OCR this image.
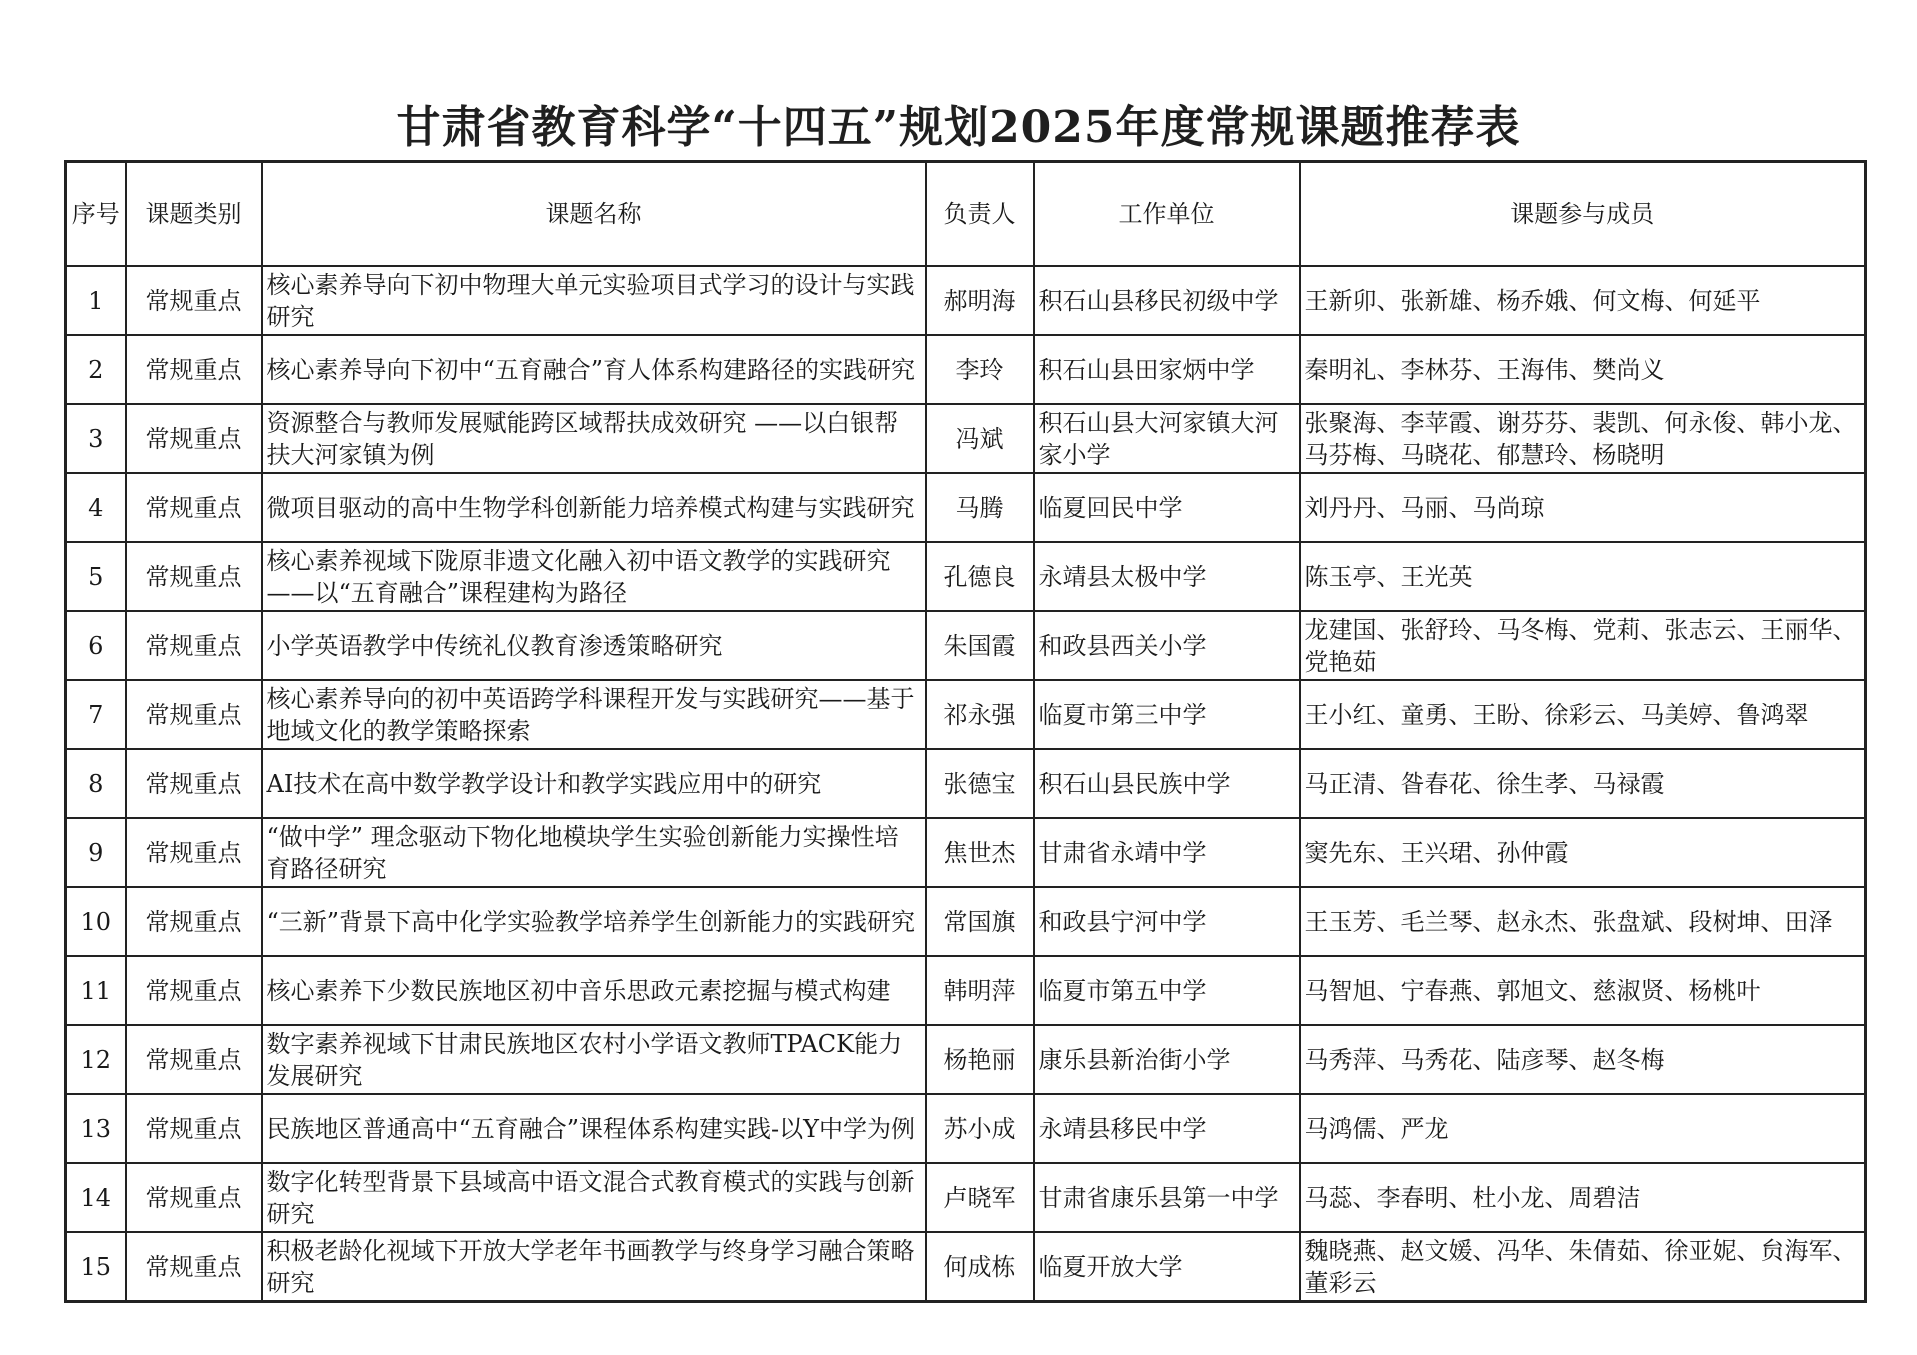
甘肃省教育科学“十四五”规划2025年度常规课题推荐表
序号	课题类别	课题名称	负责人	工作单位	课题参与成员
1	常规重点	核心素养导向下初中物理大单元实验项目式学习的设计与实践研究	郝明海	积石山县移民初级中学	王新卯、张新雄、杨乔娥、何文梅、何延平
2	常规重点	核心素养导向下初中“五育融合”育人体系构建路径的实践研究	李玲	积石山县田家炳中学	秦明礼、李林芬、王海伟、樊尚义
3	常规重点	资源整合与教师发展赋能跨区域帮扶成效研究 ——以白银帮扶大河家镇为例	冯斌	积石山县大河家镇大河家小学	张聚海、李苹霞、谢芬芬、裴凯、何永俊、韩小龙、马芬梅、马晓花、郁慧玲、杨晓明
4	常规重点	微项目驱动的高中生物学科创新能力培养模式构建与实践研究	马腾	临夏回民中学	刘丹丹、马丽、马尚琼
5	常规重点	核心素养视域下陇原非遗文化融入初中语文教学的实践研究——以“五育融合”课程建构为路径	孔德良	永靖县太极中学	陈玉亭、王光英
6	常规重点	小学英语教学中传统礼仪教育渗透策略研究	朱国霞	和政县西关小学	龙建国、张舒玲、马冬梅、党莉、张志云、王丽华、党艳茹
7	常规重点	核心素养导向的初中英语跨学科课程开发与实践研究——基于地域文化的教学策略探索	祁永强	临夏市第三中学	王小红、童勇、王盼、徐彩云、马美婷、鲁鸿翠
8	常规重点	AI技术在高中数学教学设计和教学实践应用中的研究	张德宝	积石山县民族中学	马正清、昝春花、徐生孝、马禄霞
9	常规重点	“做中学” 理念驱动下物化地模块学生实验创新能力实操性培育路径研究	焦世杰	甘肃省永靖中学	窦先东、王兴珺、孙仲霞
10	常规重点	“三新”背景下高中化学实验教学培养学生创新能力的实践研究	常国旗	和政县宁河中学	王玉芳、毛兰琴、赵永杰、张盘斌、段树坤、田泽
11	常规重点	核心素养下少数民族地区初中音乐思政元素挖掘与模式构建	韩明萍	临夏市第五中学	马智旭、宁春燕、郭旭文、慈淑贤、杨桃叶
12	常规重点	数字素养视域下甘肃民族地区农村小学语文教师TPACK能力发展研究	杨艳丽	康乐县新治街小学	马秀萍、马秀花、陆彦琴、赵冬梅
13	常规重点	民族地区普通高中“五育融合”课程体系构建实践-以Y中学为例	苏小成	永靖县移民中学	马鸿儒、严龙
14	常规重点	数字化转型背景下县域高中语文混合式教育模式的实践与创新研究	卢晓军	甘肃省康乐县第一中学	马蕊、李春明、杜小龙、周碧洁
15	常规重点	积极老龄化视域下开放大学老年书画教学与终身学习融合策略研究	何成栋	临夏开放大学	魏晓燕、赵文媛、冯华、朱倩茹、徐亚妮、贠海军、董彩云
